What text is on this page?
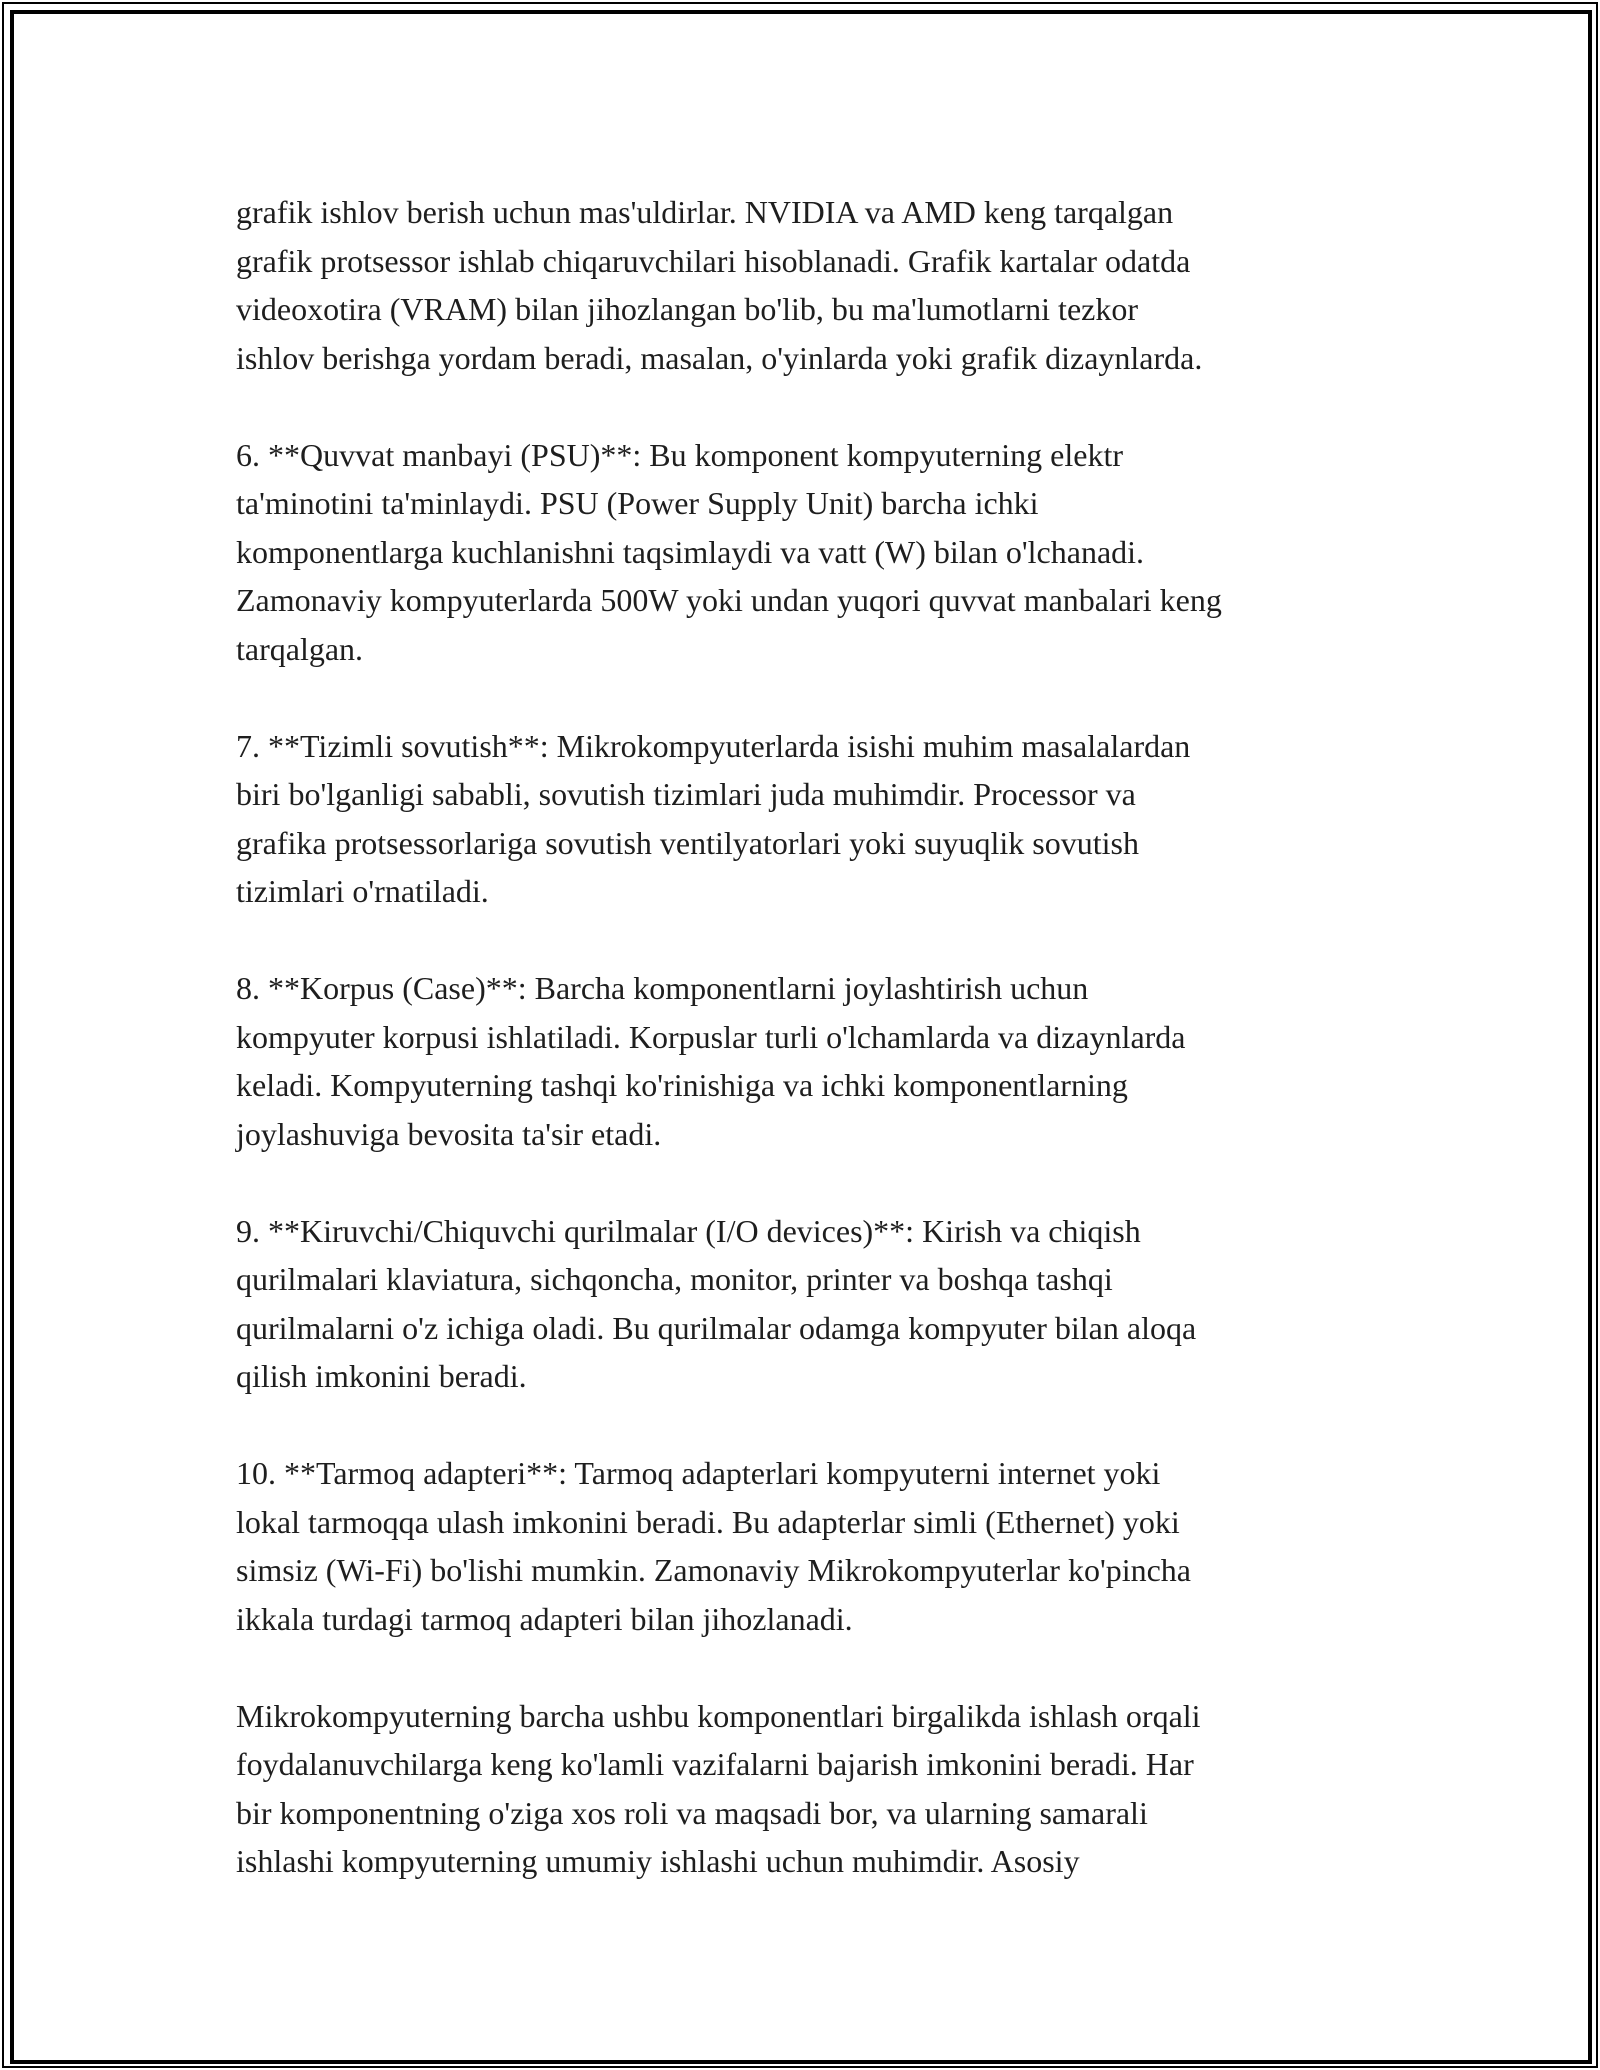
grafik ishlov berish uchun mas'uldirlar. NVIDIA va AMD keng tarqalgan
grafik protsessor ishlab chiqaruvchilari hisoblanadi. Grafik kartalar odatda
videoxotira (VRAM) bilan jihozlangan bo'lib, bu ma'lumotlarni tezkor
ishlov berishga yordam beradi, masalan, o'yinlarda yoki grafik dizaynlarda.

6. **Quvvat manbayi (PSU)**: Bu komponent kompyuterning elektr
ta'minotini ta'minlaydi. PSU (Power Supply Unit) barcha ichki
komponentlarga kuchlanishni taqsimlaydi va vatt (W) bilan o'lchanadi.
Zamonaviy kompyuterlarda 500W yoki undan yuqori quvvat manbalari keng
tarqalgan.

7. **Tizimli sovutish**: Mikrokompyuterlarda isishi muhim masalalardan
biri bo'lganligi sababli, sovutish tizimlari juda muhimdir. Processor va
grafika protsessorlariga sovutish ventilyatorlari yoki suyuqlik sovutish
tizimlari o'rnatiladi.

8. **Korpus (Case)**: Barcha komponentlarni joylashtirish uchun
kompyuter korpusi ishlatiladi. Korpuslar turli o'lchamlarda va dizaynlarda
keladi. Kompyuterning tashqi ko'rinishiga va ichki komponentlarning
joylashuviga bevosita ta'sir etadi.

9. **Kiruvchi/Chiquvchi qurilmalar (I/O devices)**: Kirish va chiqish
qurilmalari klaviatura, sichqoncha, monitor, printer va boshqa tashqi
qurilmalarni o'z ichiga oladi. Bu qurilmalar odamga kompyuter bilan aloqa
qilish imkonini beradi.

10. **Tarmoq adapteri**: Tarmoq adapterlari kompyuterni internet yoki
lokal tarmoqqa ulash imkonini beradi. Bu adapterlar simli (Ethernet) yoki
simsiz (Wi-Fi) bo'lishi mumkin. Zamonaviy Mikrokompyuterlar ko'pincha
ikkala turdagi tarmoq adapteri bilan jihozlanadi.

Mikrokompyuterning barcha ushbu komponentlari birgalikda ishlash orqali
foydalanuvchilarga keng ko'lamli vazifalarni bajarish imkonini beradi. Har
bir komponentning o'ziga xos roli va maqsadi bor, va ularning samarali
ishlashi kompyuterning umumiy ishlashi uchun muhimdir. Asosiy
